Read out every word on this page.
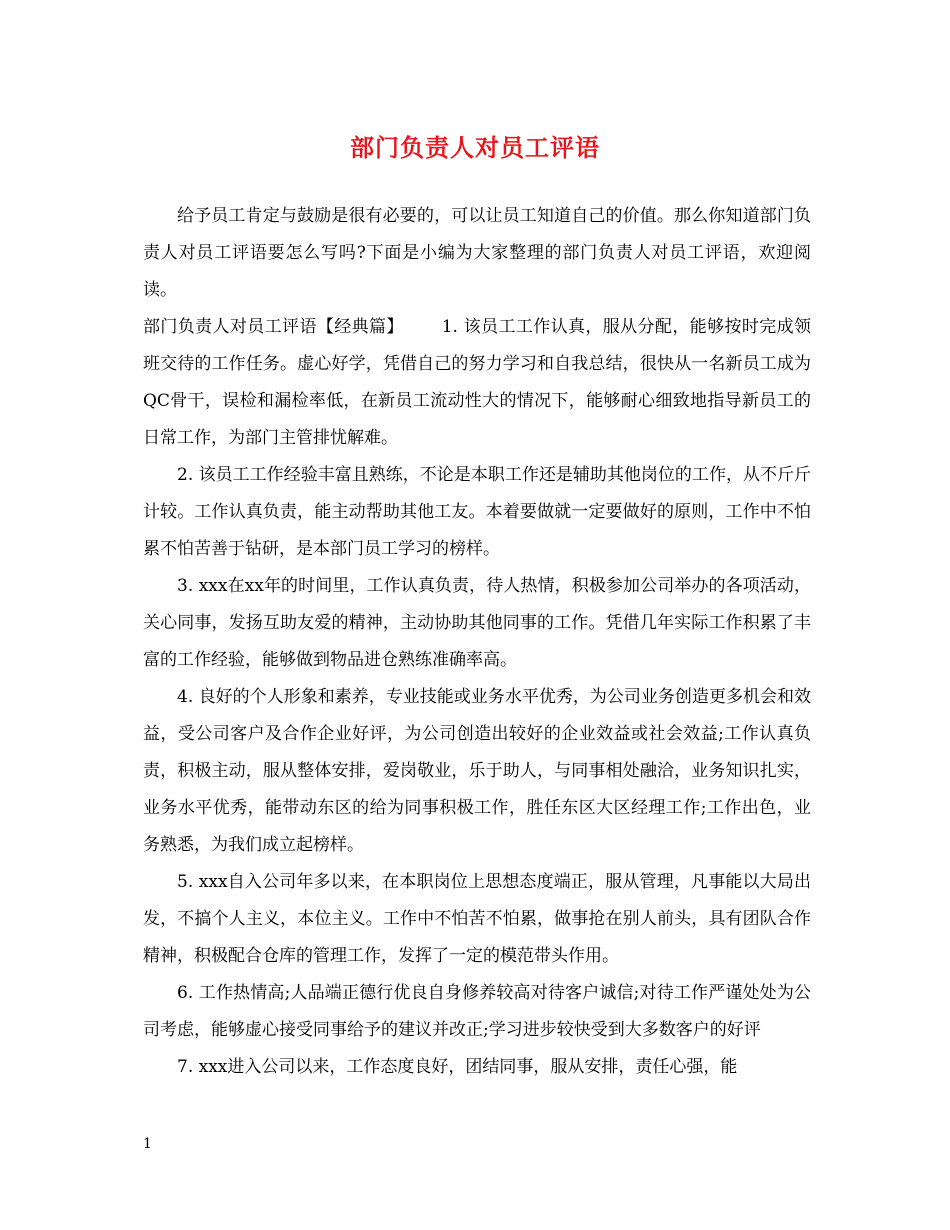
部门负责人对员工评语

给予员工肯定与鼓励是很有必要的，可以让员工知道自己的价值。那么你知道部门负责人对员工评语要怎么写吗?下面是小编为大家整理的部门负责人对员工评语，欢迎阅读。

部门负责人对员工评语【经典篇】 1. 该员工工作认真，服从分配，能够按时完成领班交待的工作任务。虚心好学，凭借自己的努力学习和自我总结，很快从一名新员工成为QC骨干，误检和漏检率低，在新员工流动性大的情况下，能够耐心细致地指导新员工的日常工作，为部门主管排忧解难。

2. 该员工工作经验丰富且熟练，不论是本职工作还是辅助其他岗位的工作，从不斤斤计较。工作认真负责，能主动帮助其他工友。本着要做就一定要做好的原则，工作中不怕累不怕苦善于钻研，是本部门员工学习的榜样。

3. xxx在xx年的时间里，工作认真负责，待人热情，积极参加公司举办的各项活动，关心同事，发扬互助友爱的精神，主动协助其他同事的工作。凭借几年实际工作积累了丰富的工作经验，能够做到物品进仓熟练准确率高。

4. 良好的个人形象和素养，专业技能或业务水平优秀，为公司业务创造更多机会和效益，受公司客户及合作企业好评，为公司创造出较好的企业效益或社会效益;工作认真负责，积极主动，服从整体安排，爱岗敬业，乐于助人，与同事相处融洽，业务知识扎实，业务水平优秀，能带动东区的给为同事积极工作，胜任东区大区经理工作;工作出色，业务熟悉，为我们成立起榜样。

5. xxx自入公司年多以来，在本职岗位上思想态度端正，服从管理，凡事能以大局出发，不搞个人主义，本位主义。工作中不怕苦不怕累，做事抢在别人前头，具有团队合作精神，积极配合仓库的管理工作，发挥了一定的模范带头作用。

6. 工作热情高;人品端正德行优良自身修养较高对待客户诚信;对待工作严谨处处为公司考虑，能够虚心接受同事给予的建议并改正;学习进步较快受到大多数客户的好评

7. xxx进入公司以来，工作态度良好，团结同事，服从安排，责任心强，能

1
